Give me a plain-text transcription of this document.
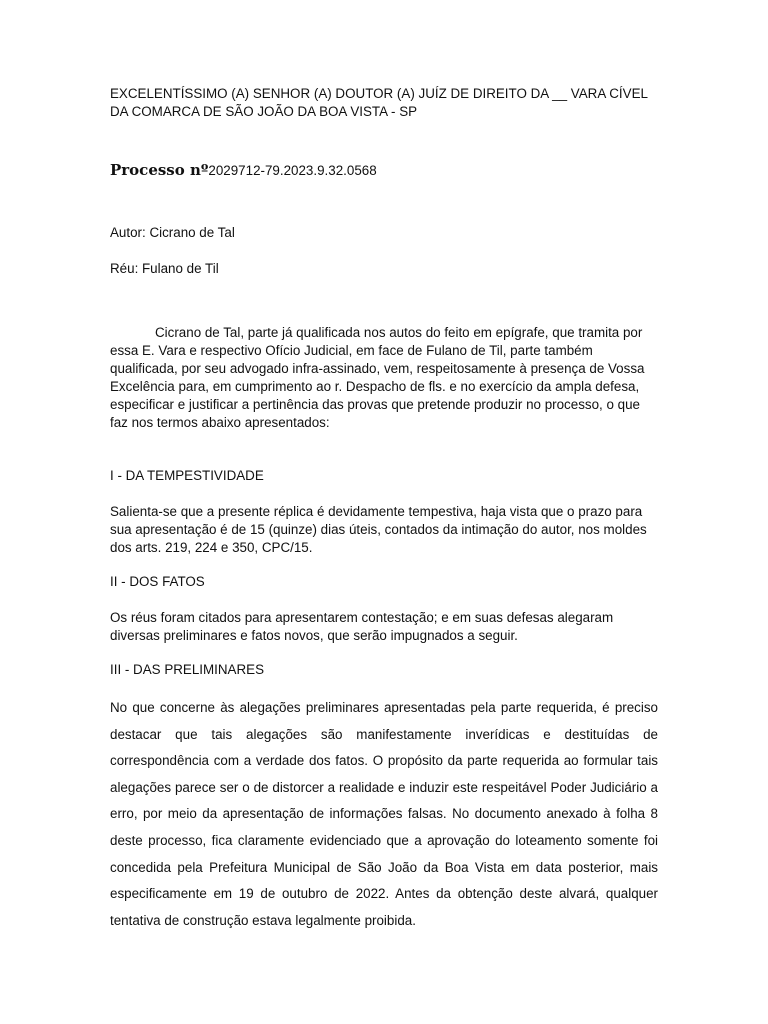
EXCELENTÍSSIMO (A) SENHOR (A) DOUTOR (A) JUÍZ DE DIREITO DA __ VARA CÍVEL DA COMARCA DE SÃO JOÃO DA BOA VISTA - SP

Processo nº2029712-79.2023.9.32.0568

Autor: Cicrano de Tal

Réu: Fulano de Til

Cicrano de Tal, parte já qualificada nos autos do feito em epígrafe, que tramita por essa E. Vara e respectivo Ofício Judicial, em face de Fulano de Til, parte também qualificada, por seu advogado infra-assinado, vem, respeitosamente à presença de Vossa Excelência para, em cumprimento ao r. Despacho de fls. e no exercício da ampla defesa, especificar e justificar a pertinência das provas que pretende produzir no processo, o que faz nos termos abaixo apresentados:

I - DA TEMPESTIVIDADE

Salienta-se que a presente réplica é devidamente tempestiva, haja vista que o prazo para sua apresentação é de 15 (quinze) dias úteis, contados da intimação do autor, nos moldes dos arts. 219, 224 e 350, CPC/15.

II - DOS FATOS

Os réus foram citados para apresentarem contestação; e em suas defesas alegaram diversas preliminares e fatos novos, que serão impugnados a seguir.

III - DAS PRELIMINARES

No que concerne às alegações preliminares apresentadas pela parte requerida, é preciso destacar que tais alegações são manifestamente inverídicas e destituídas de correspondência com a verdade dos fatos. O propósito da parte requerida ao formular tais alegações parece ser o de distorcer a realidade e induzir este respeitável Poder Judiciário a erro, por meio da apresentação de informações falsas. No documento anexado à folha 8 deste processo, fica claramente evidenciado que a aprovação do loteamento somente foi concedida pela Prefeitura Municipal de São João da Boa Vista em data posterior, mais especificamente em 19 de outubro de 2022. Antes da obtenção deste alvará, qualquer tentativa de construção estava legalmente proibida.
